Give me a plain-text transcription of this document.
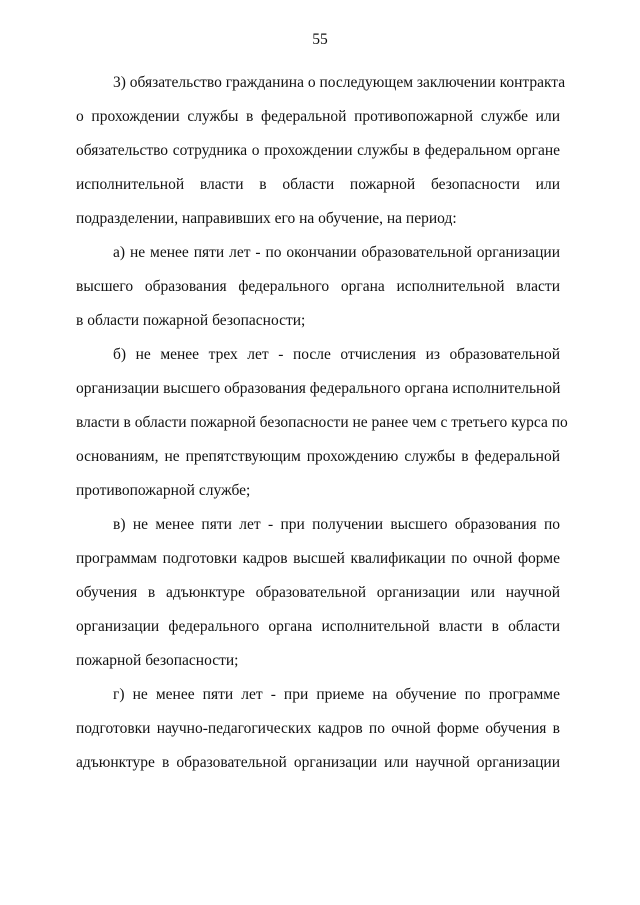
55
3) обязательство гражданина о последующем заключении контракта
о прохождении службы в федеральной противопожарной службе или
обязательство сотрудника о прохождении службы в федеральном органе
исполнительной власти в области пожарной безопасности или
подразделении, направивших его на обучение, на период:
а) не менее пяти лет - по окончании образовательной организации
высшего образования федерального органа исполнительной власти
в области пожарной безопасности;
б) не менее трех лет - после отчисления из образовательной
организации высшего образования федерального органа исполнительной
власти в области пожарной безопасности не ранее чем с третьего курса по
основаниям, не препятствующим прохождению службы в федеральной
противопожарной службе;
в) не менее пяти лет - при получении высшего образования по
программам подготовки кадров высшей квалификации по очной форме
обучения в адъюнктуре образовательной организации или научной
организации федерального органа исполнительной власти в области
пожарной безопасности;
г) не менее пяти лет - при приеме на обучение по программе
подготовки научно-педагогических кадров по очной форме обучения в
адъюнктуре в образовательной организации или научной организации
